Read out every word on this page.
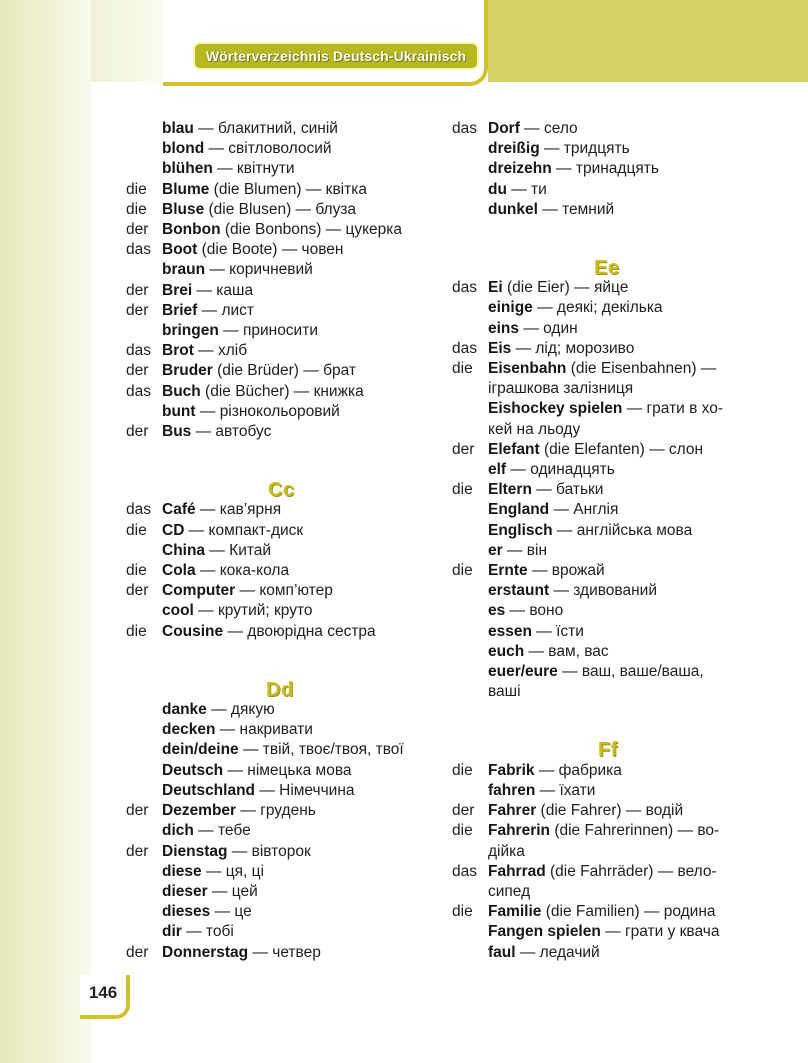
Wörterverzeichnis Deutsch-Ukrainisch
blau — блакитний, синій
blond — світловолосий
blühen — квітнути
die Blume (die Blumen) — квітка
die Bluse (die Blusen) — блуза
der Bonbon (die Bonbons) — цукерка
das Boot (die Boote) — човен
braun — коричневий
der Brei — каша
der Brief — лист
bringen — приносити
das Brot — хліб
der Bruder (die Brüder) — брат
das Buch (die Bücher) — книжка
bunt — різнокольоровий
der Bus — автобус
Cc
das Café — кав’ярня
die CD — компакт-диск
China — Китай
die Cola — кока-кола
der Computer — комп’ютер
cool — крутий; круто
die Cousine — двоюрідна сестра
Dd
danke — дякую
decken — накривати
dein/deine — твій, твоє/твоя, твої
Deutsch — німецька мова
Deutschland — Німеччина
der Dezember — грудень
dich — тебе
der Dienstag — вівторок
diese — ця, ці
dieser — цей
dieses — це
dir — тобі
der Donnerstag — четвер
das Dorf — село
dreißig — тридцять
dreizehn — тринадцять
du — ти
dunkel — темний
Ee
das Ei (die Eier) — яйце
einige — деякі; декілька
eins — один
das Eis — лід; морозиво
die Eisenbahn (die Eisenbahnen) —
іграшкова залізниця
Eishockey spielen — грати в хо-
кей на льоду
der Elefant (die Elefanten) — слон
elf — одинадцять
die Eltern — батьки
England — Англія
Englisch — англійська мова
er — він
die Ernte — врожай
erstaunt — здивований
es — воно
essen — їсти
euch — вам, вас
euer/eure — ваш, ваше/ваша,
ваші
Ff
die Fabrik — фабрика
fahren — їхати
der Fahrer (die Fahrer) — водій
die Fahrerin (die Fahrerinnen) — во-
дійка
das Fahrrad (die Fahrräder) — вело-
сипед
die Familie (die Familien) — родина
Fangen spielen — грати у квача
faul — ледачий
146
